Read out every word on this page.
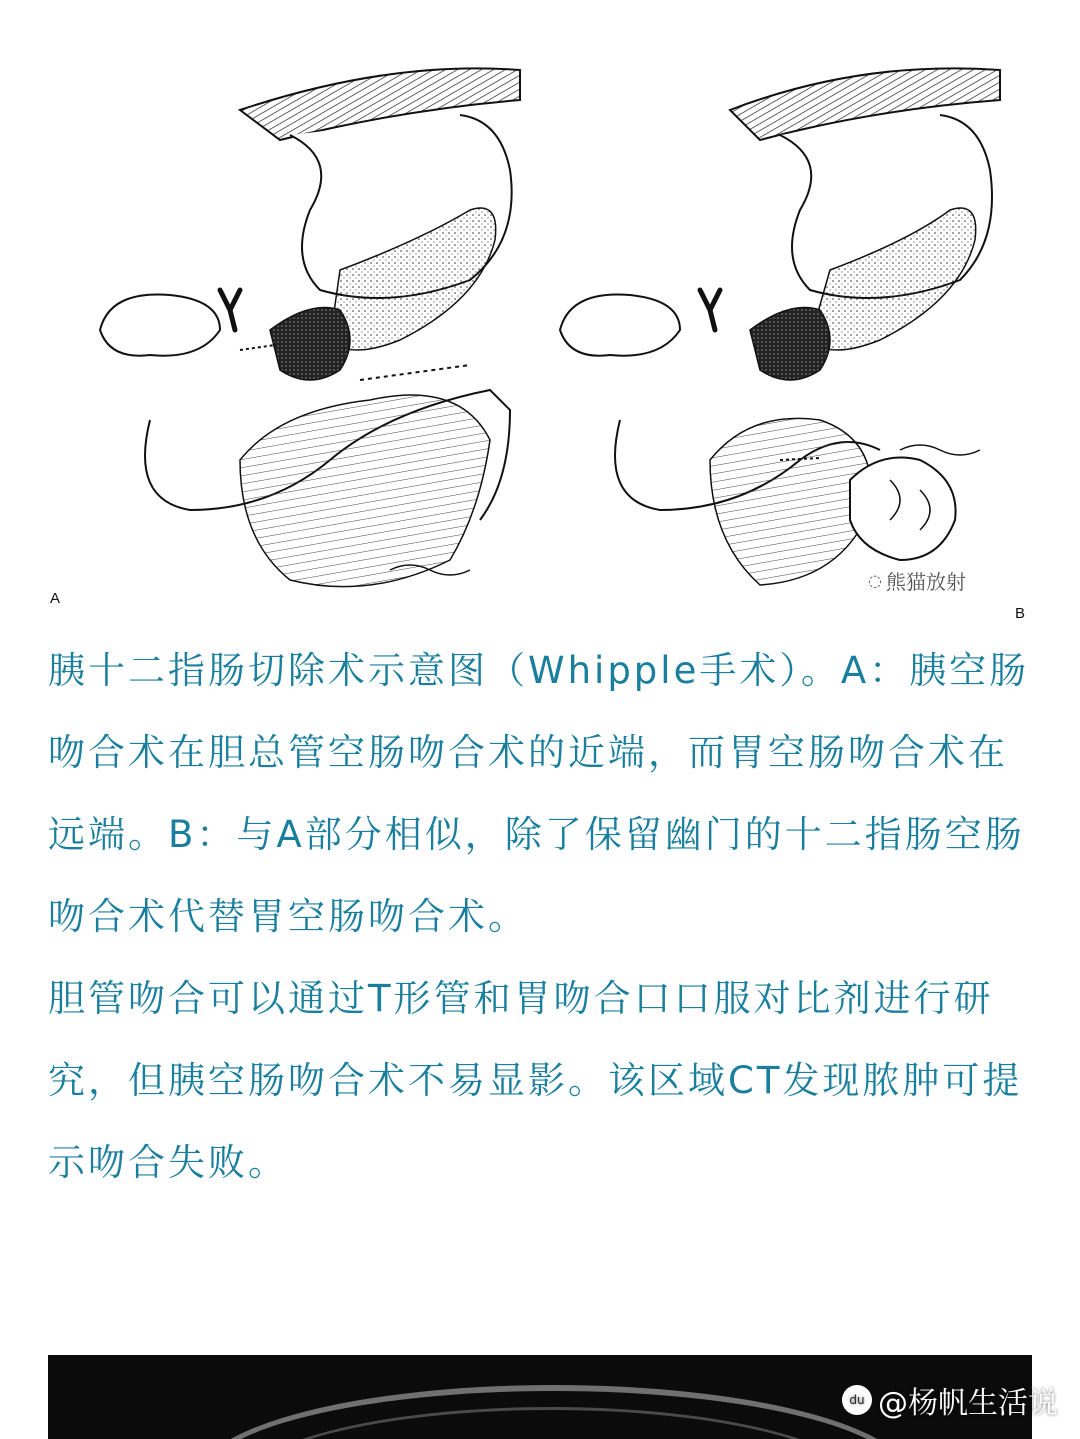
A
B
◌ 熊猫放射

胰十二指肠切除术示意图（Whipple手术）。A：胰空肠吻合术在胆总管空肠吻合术的近端，而胃空肠吻合术在远端。B：与A部分相似，除了保留幽门的十二指肠空肠吻合术代替胃空肠吻合术。

胆管吻合可以通过T形管和胃吻合口口服对比剂进行研究，但胰空肠吻合术不易显影。该区域CT发现脓肿可提示吻合失败。

du @杨帆生活说
